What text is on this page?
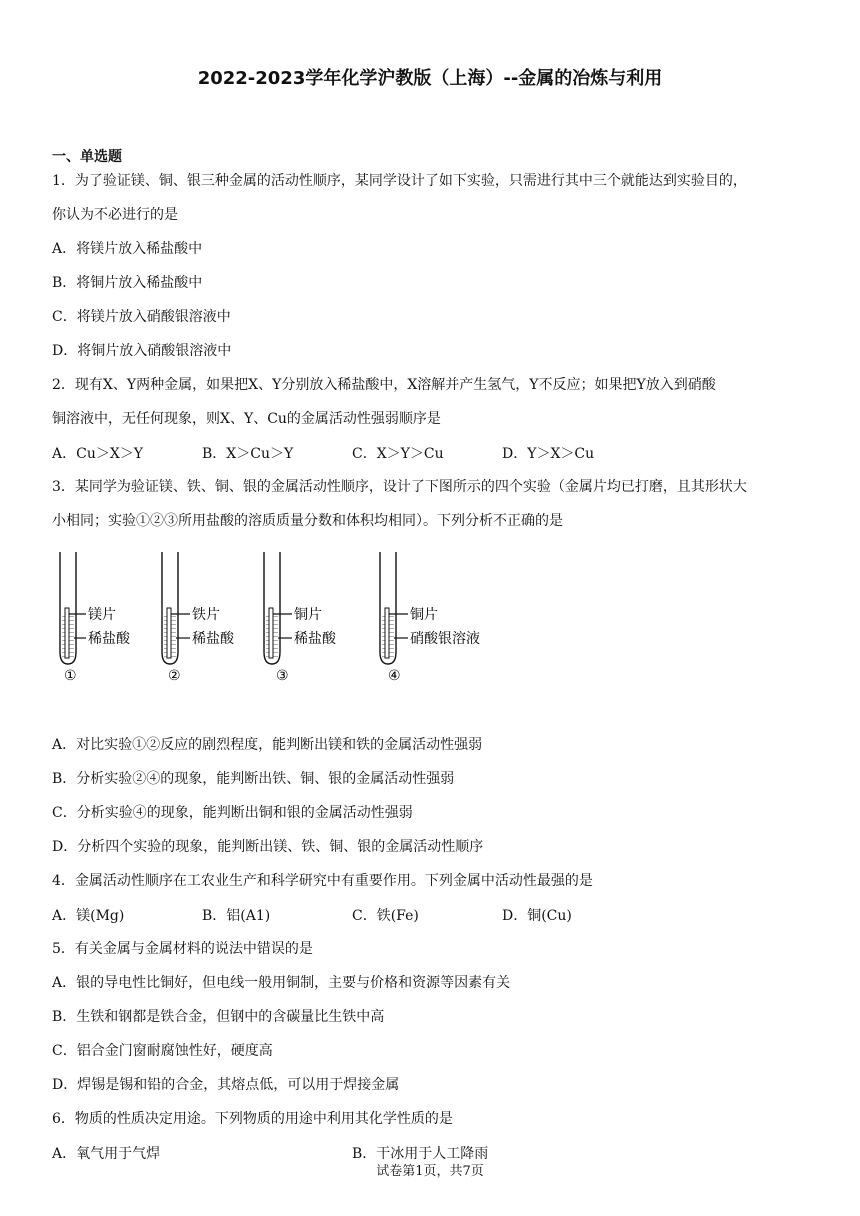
2022-2023学年化学沪教版（上海）--金属的冶炼与利用
一、单选题
1．为了验证镁、铜、银三种金属的活动性顺序，某同学设计了如下实验，只需进行其中三个就能达到实验目的，
你认为不必进行的是
A．将镁片放入稀盐酸中
B．将铜片放入稀盐酸中
C．将镁片放入硝酸银溶液中
D．将铜片放入硝酸银溶液中
2．现有X、Y两种金属，如果把X、Y分别放入稀盐酸中，X溶解并产生氢气，Y不反应；如果把Y放入到硝酸
铜溶液中，无任何现象，则X、Y、Cu的金属活动性强弱顺序是
A．Cu＞X＞Y	B．X＞Cu＞Y	C．X＞Y＞Cu	D．Y＞X＞Cu
3．某同学为验证镁、铁、铜、银的金属活动性顺序，设计了下图所示的四个实验（金属片均已打磨，且其形状大
小相同；实验①②③所用盐酸的溶质质量分数和体积均相同）。下列分析不正确的是
镁片
稀盐酸
①
铁片
稀盐酸
②
铜片
稀盐酸
③
铜片
硝酸银溶液
④
A．对比实验①②反应的剧烈程度，能判断出镁和铁的金属活动性强弱
B．分析实验②④的现象，能判断出铁、铜、银的金属活动性强弱
C．分析实验④的现象，能判断出铜和银的金属活动性强弱
D．分析四个实验的现象，能判断出镁、铁、铜、银的金属活动性顺序
4．金属活动性顺序在工农业生产和科学研究中有重要作用。下列金属中活动性最强的是
A．镁(Mg)	B．铝(A1)	C．铁(Fe)	D．铜(Cu)
5．有关金属与金属材料的说法中错误的是
A．银的导电性比铜好，但电线一般用铜制，主要与价格和资源等因素有关
B．生铁和钢都是铁合金，但钢中的含碳量比生铁中高
C．铝合金门窗耐腐蚀性好，硬度高
D．焊锡是锡和铅的合金，其熔点低，可以用于焊接金属
6．物质的性质决定用途。下列物质的用途中利用其化学性质的是
A．氧气用于气焊	B．干冰用于人工降雨
试卷第1页，共7页
